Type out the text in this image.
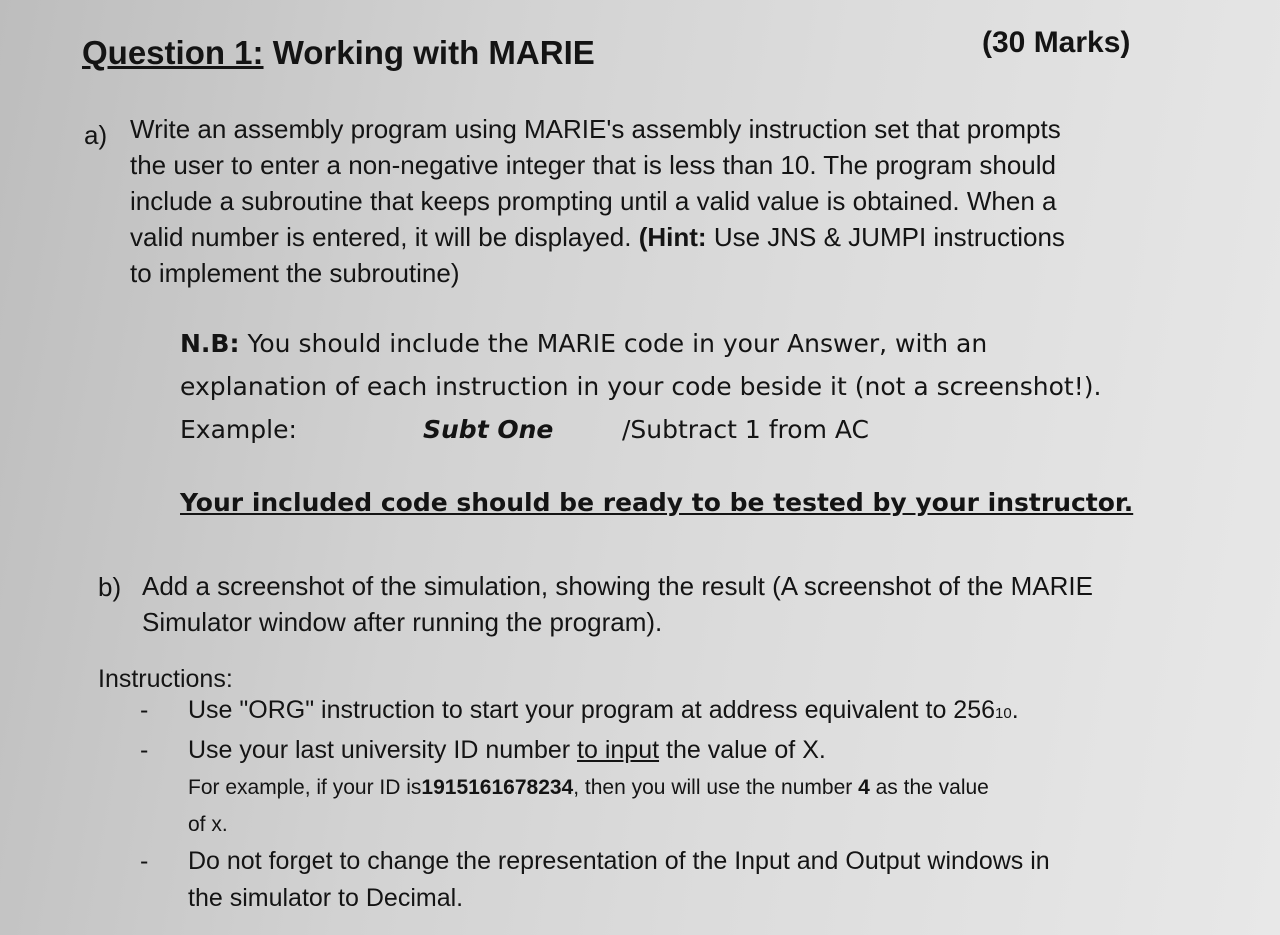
Question 1: Working with MARIE	(30 Marks)
a) Write an assembly program using MARIE's assembly instruction set that prompts
the user to enter a non-negative integer that is less than 10. The program should
include a subroutine that keeps prompting until a valid value is obtained. When a
valid number is entered, it will be displayed. (Hint: Use JNS & JUMPI instructions
to implement the subroutine)
N.B: You should include the MARIE code in your Answer, with an
explanation of each instruction in your code beside it (not a screenshot!).
Example:	Subt One	/Subtract 1 from AC
Your included code should be ready to be tested by your instructor.
b) Add a screenshot of the simulation, showing the result (A screenshot of the MARIE
Simulator window after running the program).
Instructions:
- Use "ORG" instruction to start your program at address equivalent to 25610.
- Use your last university ID number to input the value of X.
For example, if your ID is1915161678234, then you will use the number 4 as the value
of x.
- Do not forget to change the representation of the Input and Output windows in
the simulator to Decimal.
